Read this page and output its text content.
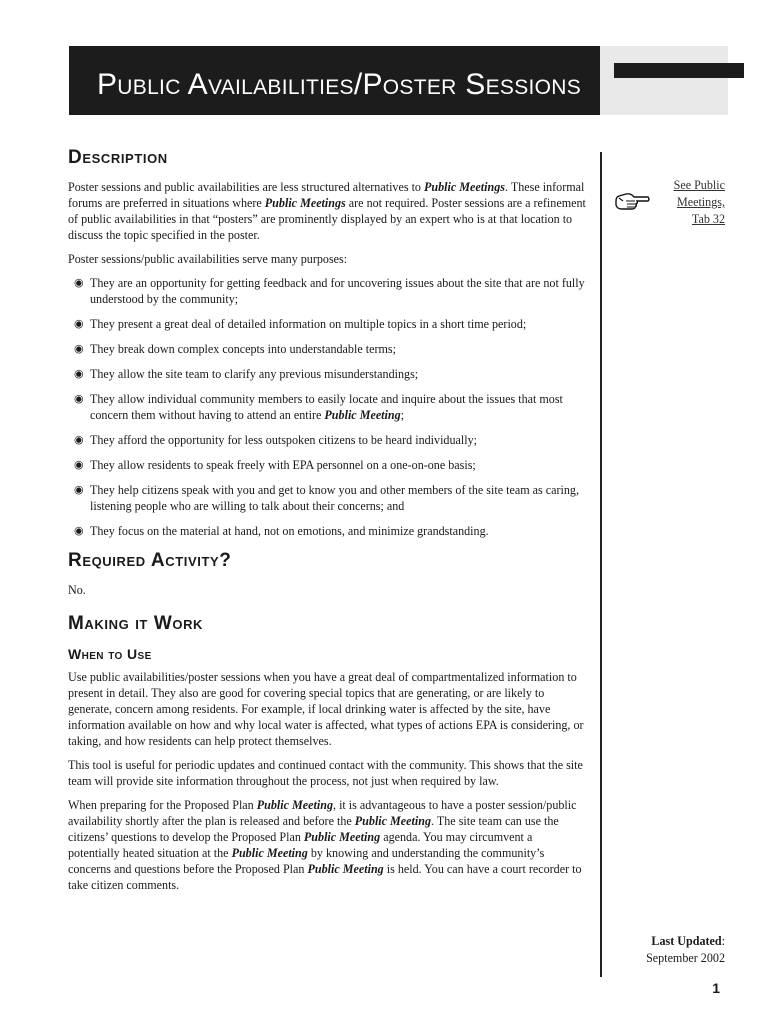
Public Availabilities/Poster Sessions
Description

Poster sessions and public availabilities are less structured alternatives to Public Meetings. These informal forums are preferred in situations where Public Meetings are not required. Poster sessions are a refinement of public availabilities in that “posters” are prominently displayed by an expert who is at that location to discuss the topic specified in the poster.

Poster sessions/public availabilities serve many purposes:

◉ They are an opportunity for getting feedback and for uncovering issues about the site that are not fully understood by the community;
◉ They present a great deal of detailed information on multiple topics in a short time period;
◉ They break down complex concepts into understandable terms;
◉ They allow the site team to clarify any previous misunderstandings;
◉ They allow individual community members to easily locate and inquire about the issues that most concern them without having to attend an entire Public Meeting;
◉ They afford the opportunity for less outspoken citizens to be heard individually;
◉ They allow residents to speak freely with EPA personnel on a one-on-one basis;
◉ They help citizens speak with you and get to know you and other members of the site team as caring, listening people who are willing to talk about their concerns; and
◉ They focus on the material at hand, not on emotions, and minimize grandstanding.
Required Activity?

No.

Making it Work
When to Use

Use public availabilities/poster sessions when you have a great deal of compartmentalized information to present in detail. They also are good for covering special topics that are generating, or are likely to generate, concern among residents. For example, if local drinking water is affected by the site, have information available on how and why local water is affected, what types of actions EPA is considering, or taking, and how residents can help protect themselves.

This tool is useful for periodic updates and continued contact with the community. This shows that the site team will provide site information throughout the process, not just when required by law.

When preparing for the Proposed Plan Public Meeting, it is advantageous to have a poster session/public availability shortly after the plan is released and before the Public Meeting. The site team can use the citizens’ questions to develop the Proposed Plan Public Meeting agenda. You may circumvent a potentially heated situation at the Public Meeting by knowing and understanding the community’s concerns and questions before the Proposed Plan Public Meeting is held. You can have a court recorder to take citizen comments.

See Public
Meetings,
Tab 32
Last Updated:
September 2002
1
